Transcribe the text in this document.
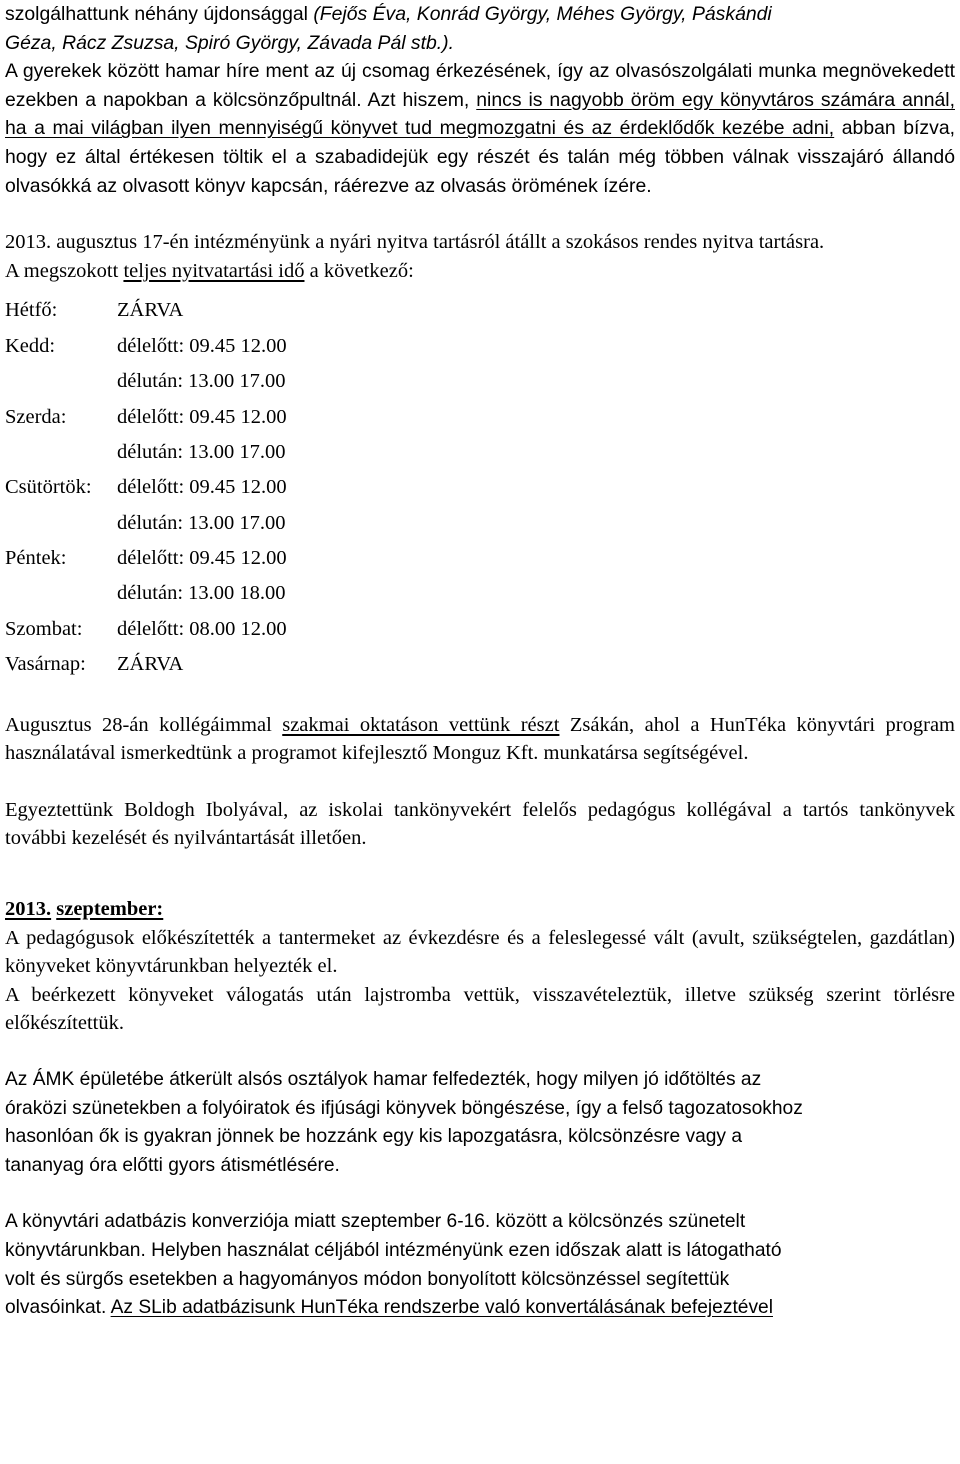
szolgálhattunk néhány újdonsággal (Fejős Éva, Konrád György, Méhes György, Páskándi
Géza, Rácz Zsuzsa, Spiró György, Závada Pál stb.).

A gyerekek között hamar híre ment az új csomag érkezésének, így az olvasószolgálati munka megnövekedett ezekben a napokban a kölcsönzőpultnál. Azt hiszem, nincs is nagyobb öröm egy könyvtáros számára annál, ha a mai világban ilyen mennyiségű könyvet tud megmozgatni és az érdeklődők kezébe adni, abban bízva, hogy ez által értékesen töltik el a szabadidejük egy részét és talán még többen válnak visszajáró állandó olvasókká az olvasott könyv kapcsán, ráérezve az olvasás örömének ízére.

2013. augusztus 17-én intézményünk a nyári nyitva tartásról átállt a szokásos rendes nyitva tartásra.

A megszokott teljes nyitvatartási idő a következő:

Hétfő:	ZÁRVA
Kedd:	délelőtt: 09.45 12.00
délután: 13.00 17.00
Szerda:	délelőtt: 09.45 12.00
délután: 13.00 17.00
Csütörtök:	délelőtt: 09.45 12.00
délután: 13.00 17.00
Péntek:	délelőtt: 09.45 12.00
délután: 13.00 18.00
Szombat:	délelőtt: 08.00 12.00
Vasárnap:	ZÁRVA

Augusztus 28-án kollégáimmal szakmai oktatáson vettünk részt Zsákán, ahol a HunTéka könyvtári program használatával ismerkedtünk a programot kifejlesztő Monguz Kft. munkatársa segítségével.

Egyeztettünk Boldogh Ibolyával, az iskolai tankönyvekért felelős pedagógus kollégával a tartós tankönyvek további kezelését és nyilvántartását illetően.

2013. szeptember:

A pedagógusok előkészítették a tantermeket az évkezdésre és a feleslegessé vált (avult, szükségtelen, gazdátlan) könyveket könyvtárunkban helyezték el.

A beérkezett könyveket válogatás után lajstromba vettük, visszavételeztük, illetve szükség szerint törlésre előkészítettük.

Az ÁMK épületébe átkerült alsós osztályok hamar felfedezték, hogy milyen jó időtöltés az

óraközi szünetekben a folyóiratok és ifjúsági könyvek böngészése, így a felső tagozatosokhoz

hasonlóan ők is gyakran jönnek be hozzánk egy kis lapozgatásra, kölcsönzésre vagy a

tananyag óra előtti gyors átismétlésére.

A könyvtári adatbázis konverziója miatt szeptember 6-16. között a kölcsönzés szünetelt

könyvtárunkban. Helyben használat céljából intézményünk ezen időszak alatt is látogatható

volt és sürgős esetekben a hagyományos módon bonyolított kölcsönzéssel segítettük

olvasóinkat. Az SLib adatbázisunk HunTéka rendszerbe való konvertálásának befejeztével
